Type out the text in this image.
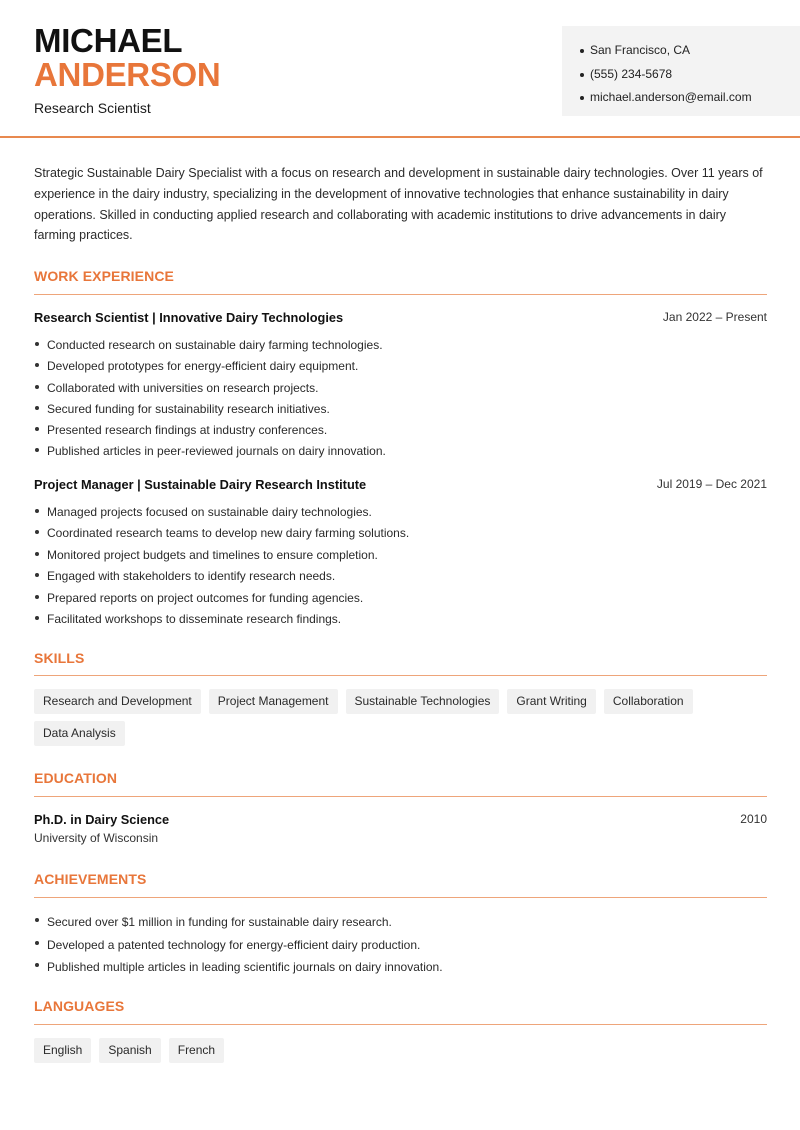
MICHAEL
ANDERSON
Research Scientist
San Francisco, CA
(555) 234-5678
michael.anderson@email.com

Strategic Sustainable Dairy Specialist with a focus on research and development in sustainable dairy technologies. Over 11 years of experience in the dairy industry, specializing in the development of innovative technologies that enhance sustainability in dairy operations. Skilled in conducting applied research and collaborating with academic institutions to drive advancements in dairy farming practices.

WORK EXPERIENCE
Research Scientist | Innovative Dairy Technologies	Jan 2022 – Present
Conducted research on sustainable dairy farming technologies.
Developed prototypes for energy-efficient dairy equipment.
Collaborated with universities on research projects.
Secured funding for sustainability research initiatives.
Presented research findings at industry conferences.
Published articles in peer-reviewed journals on dairy innovation.
Project Manager | Sustainable Dairy Research Institute	Jul 2019 – Dec 2021
Managed projects focused on sustainable dairy technologies.
Coordinated research teams to develop new dairy farming solutions.
Monitored project budgets and timelines to ensure completion.
Engaged with stakeholders to identify research needs.
Prepared reports on project outcomes for funding agencies.
Facilitated workshops to disseminate research findings.
SKILLS
Research and Development	Project Management	Sustainable Technologies	Grant Writing	Collaboration
Data Analysis
EDUCATION
Ph.D. in Dairy Science	2010
University of Wisconsin
ACHIEVEMENTS
Secured over $1 million in funding for sustainable dairy research.
Developed a patented technology for energy-efficient dairy production.
Published multiple articles in leading scientific journals on dairy innovation.
LANGUAGES
English	Spanish	French
